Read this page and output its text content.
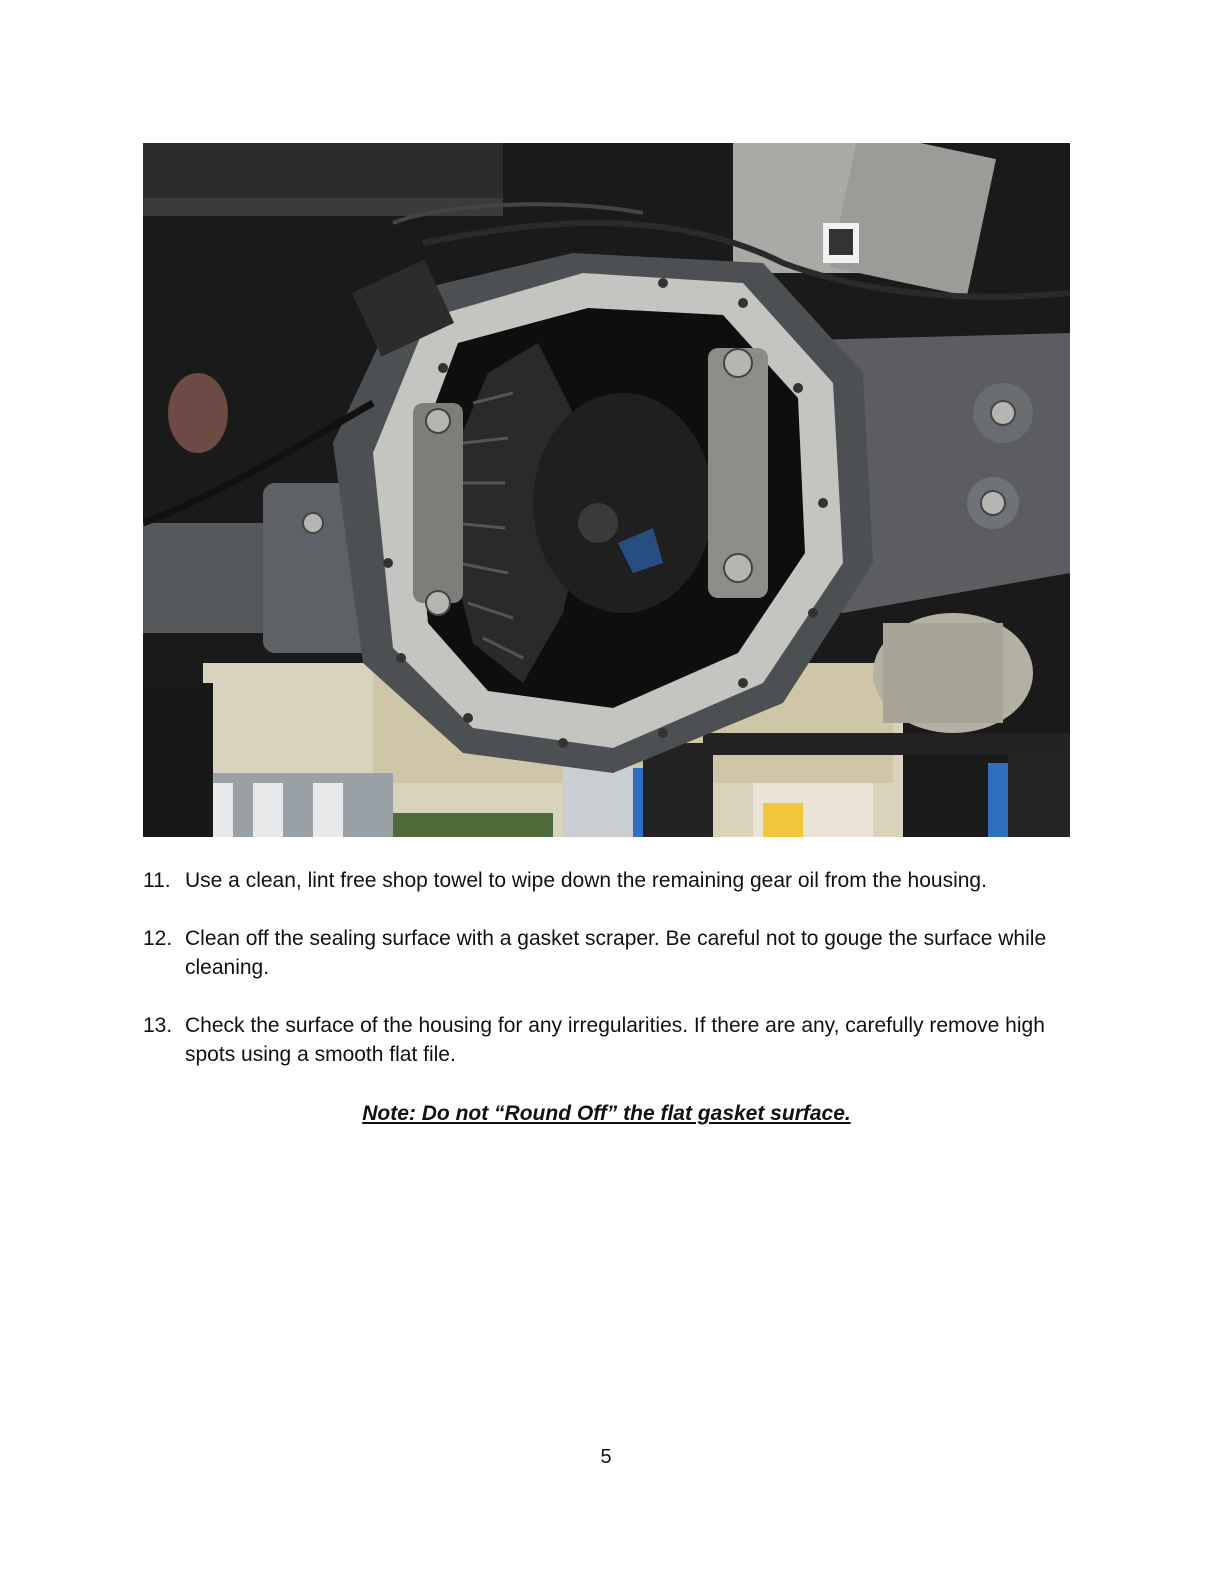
11. Use a clean, lint free shop towel to wipe down the remaining gear oil from the housing.
12. Clean off the sealing surface with a gasket scraper. Be careful not to gouge the surface while cleaning.
13. Check the surface of the housing for any irregularities. If there are any, carefully remove high spots using a smooth flat file.
Note: Do not “Round Off” the flat gasket surface.
5
